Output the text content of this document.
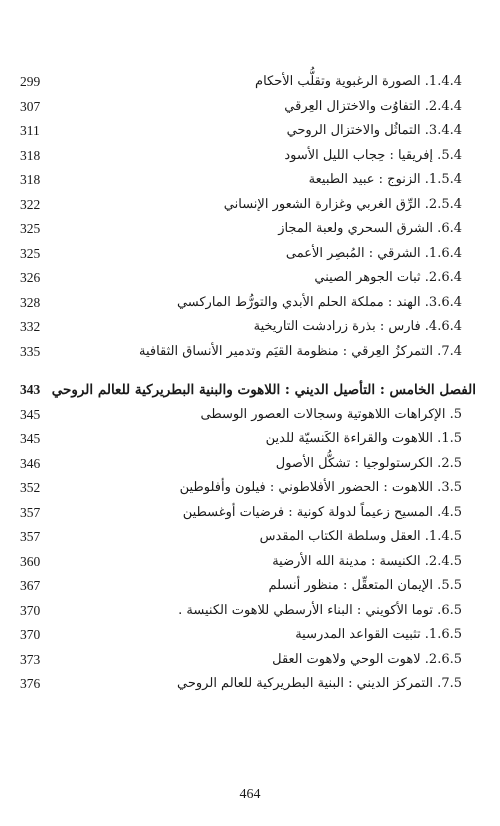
299	1.4.4. الصورة الرغبوية وتقلُّب الأحكام
307	2.4.4. التفاوُت والاختزال العِرقي
311	3.4.4. التماثُل والاختزال الروحي
318	5.4. إفريقيا : حِجاب الليل الأسود
318	1.5.4. الزنوج : عبيد الطبيعة
322	2.5.4. الرِّق الغربي وغزارة الشعور الإنساني
325	6.4. الشرق السحري ولعبة المجاز
325	1.6.4. الشرقي : المُبصِر الأعمى
326	2.6.4. ثبات الجوهر الصيني
328	3.6.4. الهند : مملكة الحلم الأبدي والتورُّط الماركسي
332	4.6.4. فارس : بذرة زرادشت التاريخية
335	7.4. التمركزُ العِرقي : منظومة القيَم وتدمير الأنساق الثقافية
343 الفصل الخامس : التأصيل الديني : اللاهوت والبنية البطريركية للعالم الروحي
345	5. الإكراهات اللاهوتية وسجالات العصور الوسطى
345	1.5. اللاهوت والقراءة الكَنسيّة للدين
346	2.5. الكرستولوجيا : تشكُّل الأصول
352	3.5. اللاهوت : الحضور الأفلاطوني : فيلون وأفلوطين
357	4.5. المسيح زعيماً لدولة كونية : فرضيات أوغسطين
357	1.4.5. العقل وسلطة الكتاب المقدس
360	2.4.5. الكنيسة : مدينة الله الأرضية
367	5.5. الإيمان المتعقِّل : منظور أنسلم
370	6.5. توما الأكويني : البناء الأرسطي للاهوت الكنيسة .
370	1.6.5. تثبيت القواعد المدرسية
373	2.6.5. لاهوت الوحي ولاهوت العقل
376	7.5. التمركز الديني : البنية البطريركية للعالم الروحي
464
